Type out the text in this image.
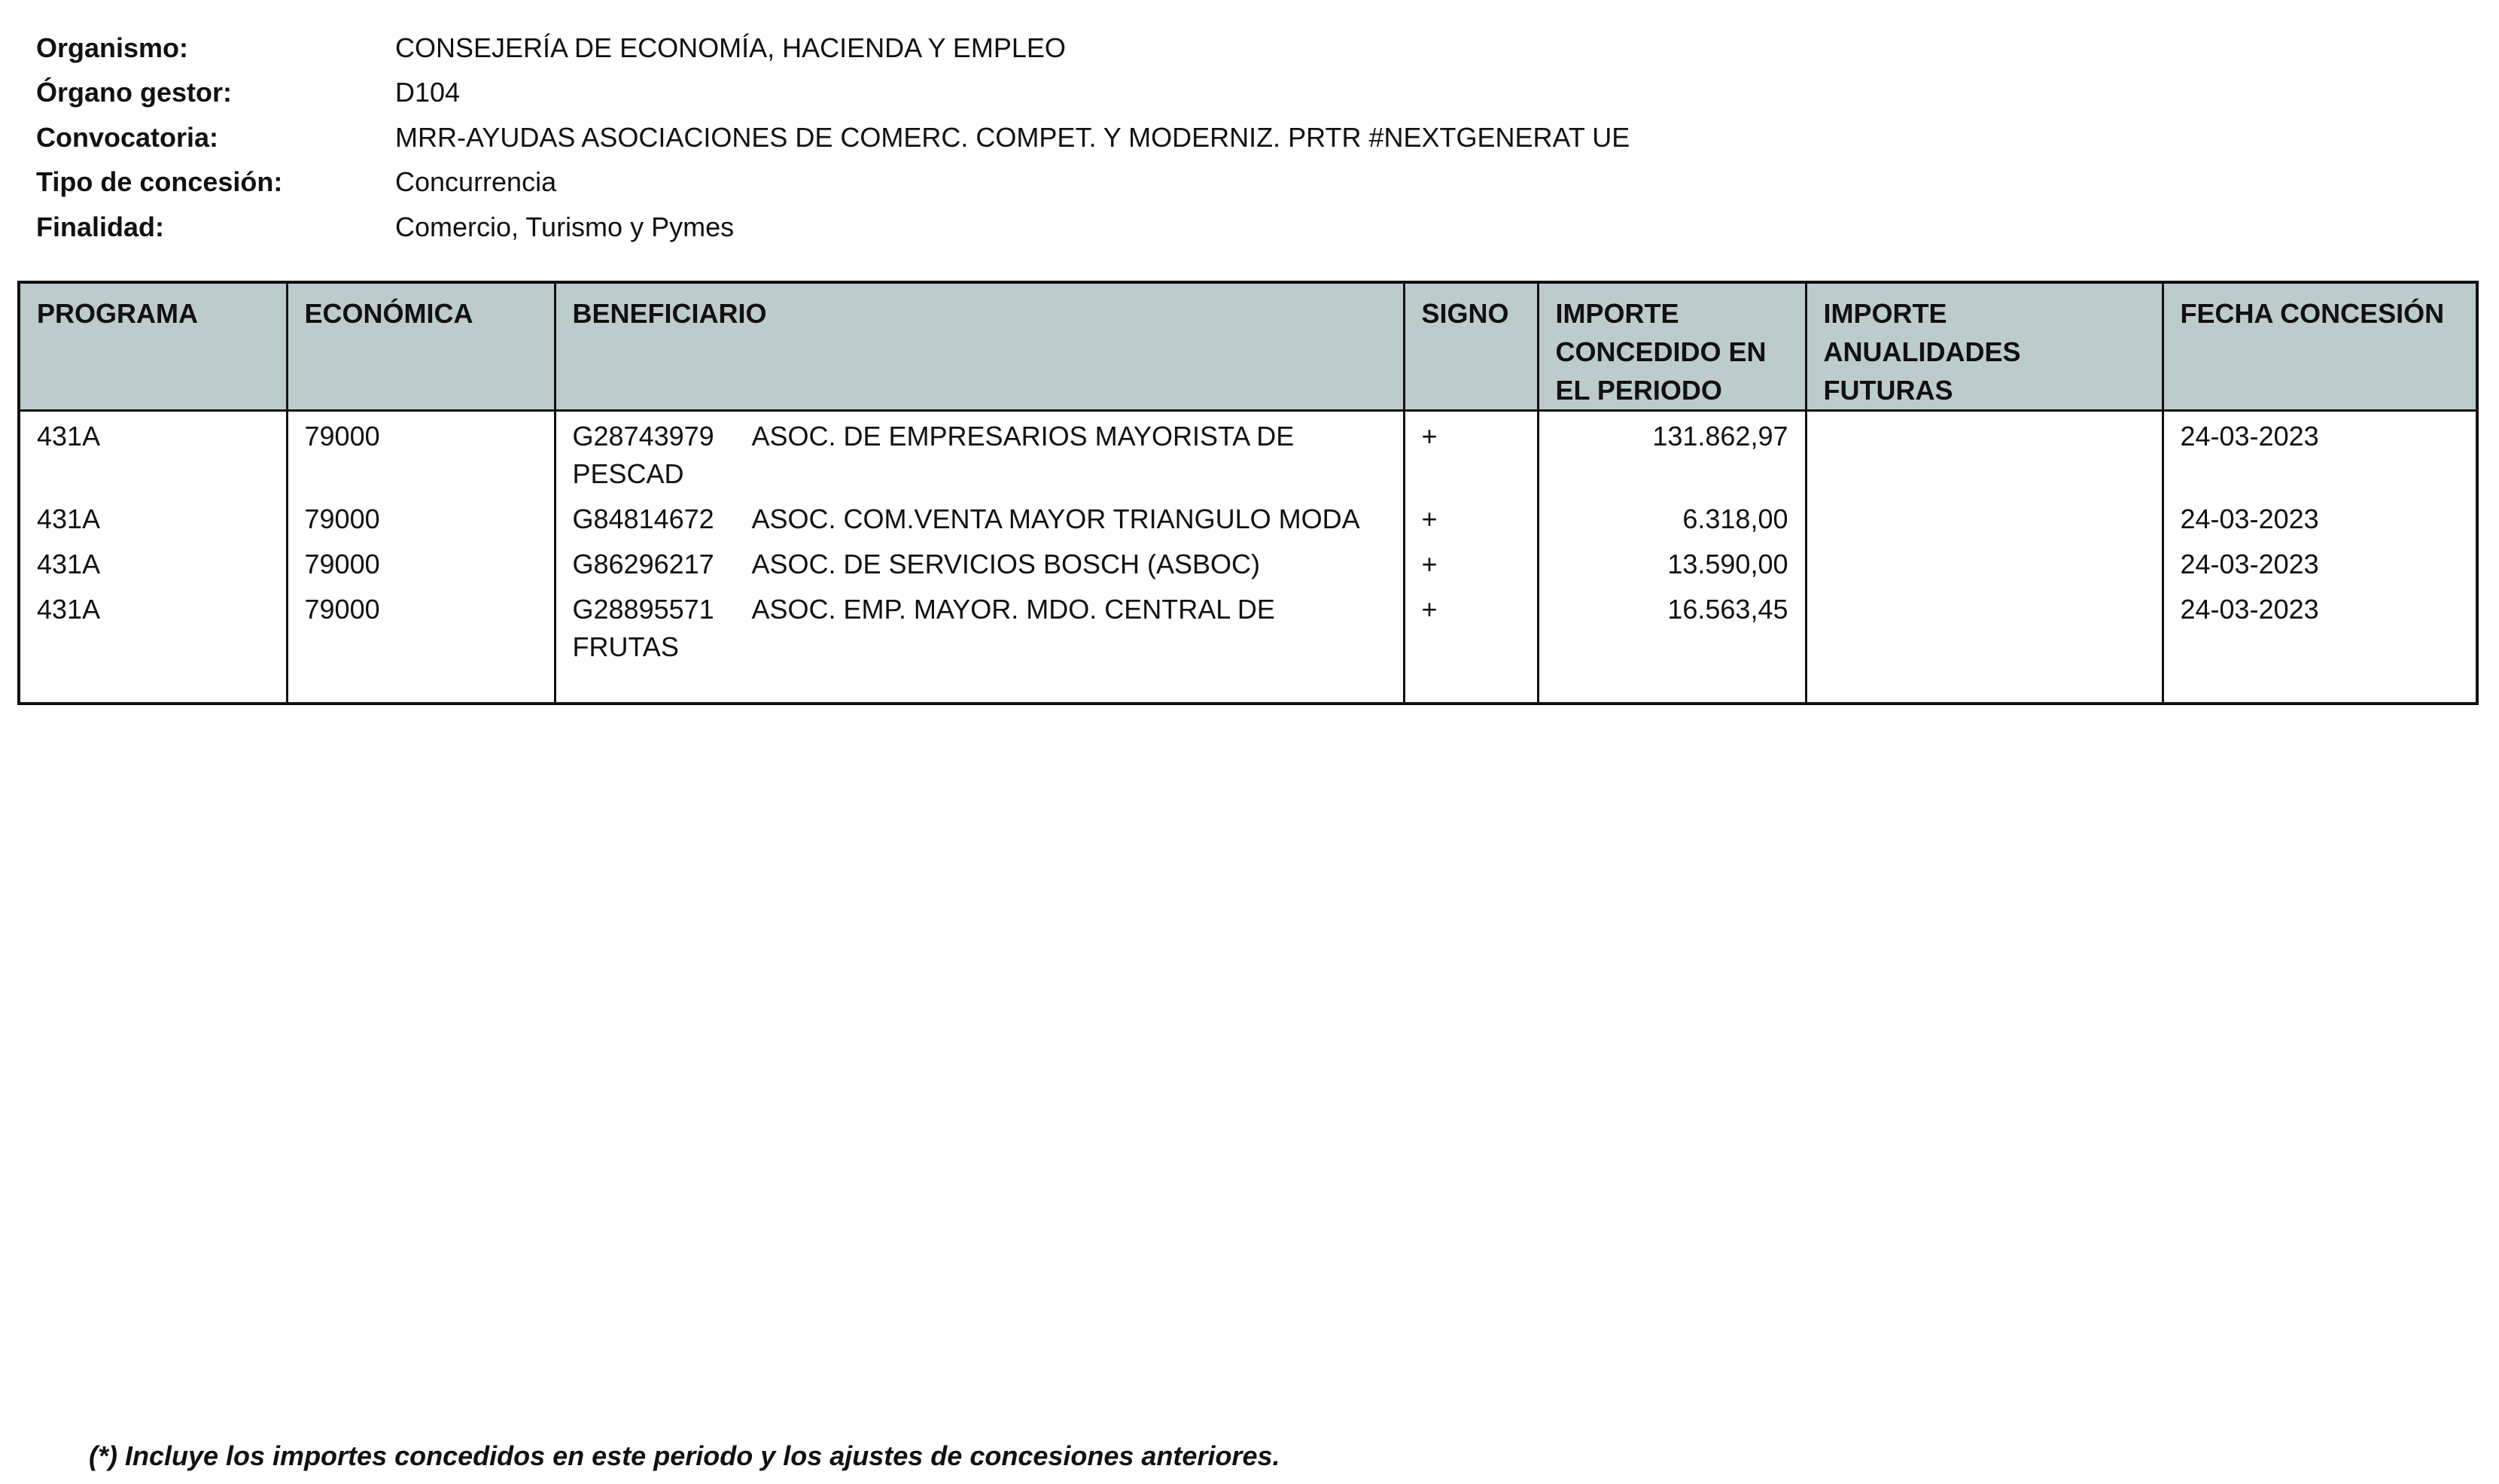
Organismo:	CONSEJERÍA DE ECONOMÍA, HACIENDA Y EMPLEO
Órgano gestor:	D104
Convocatoria:	MRR-AYUDAS ASOCIACIONES DE COMERC. COMPET. Y MODERNIZ. PRTR #NEXTGENERAT UE
Tipo de concesión:	Concurrencia
Finalidad:	Comercio, Turismo y Pymes
PROGRAMA	ECONÓMICA	BENEFICIARIO	SIGNO	IMPORTE CONCEDIDO EN EL PERIODO	IMPORTE ANUALIDADES FUTURAS	FECHA CONCESIÓN
431A	79000	G28743979 ASOC. DE EMPRESARIOS MAYORISTA DE PESCAD	+	131.862,97		24-03-2023
431A	79000	G84814672 ASOC. COM.VENTA MAYOR TRIANGULO MODA	+	6.318,00		24-03-2023
431A	79000	G86296217 ASOC. DE SERVICIOS BOSCH (ASBOC)	+	13.590,00		24-03-2023
431A	79000	G28895571 ASOC. EMP. MAYOR. MDO. CENTRAL DE FRUTAS	+	16.563,45		24-03-2023
(*) Incluye los importes concedidos en este periodo y los ajustes de concesiones anteriores.
